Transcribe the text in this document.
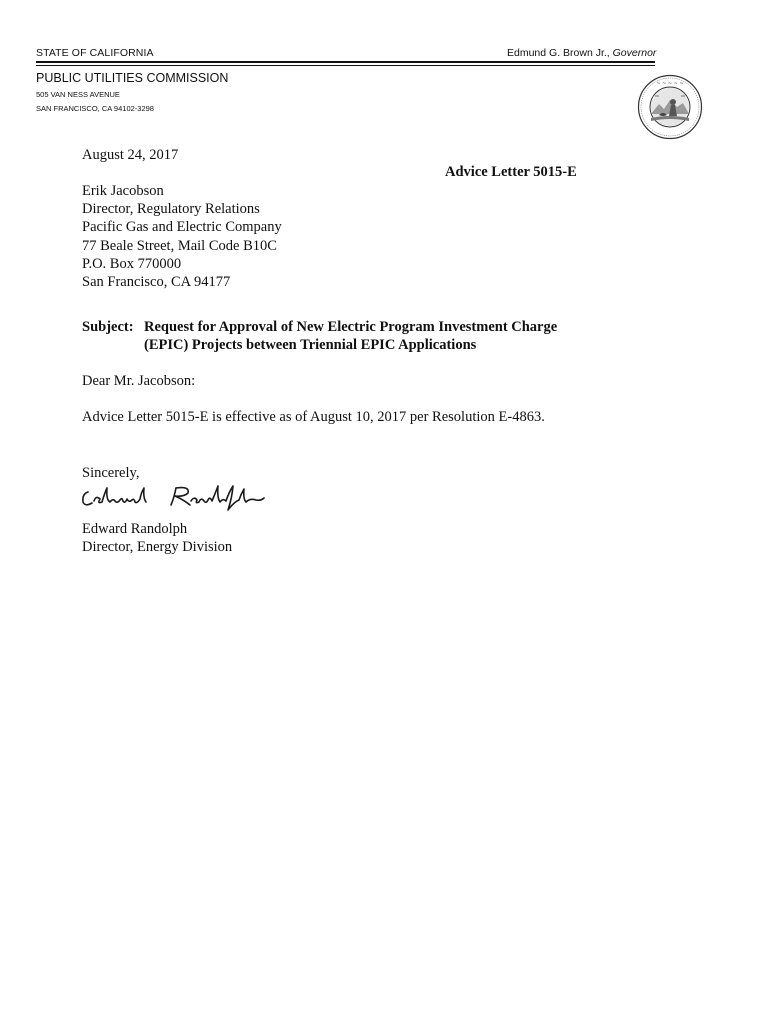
STATE OF CALIFORNIA	Edmund G. Brown Jr., Governor
PUBLIC UTILITIES COMMISSION
505 VAN NESS AVENUE
SAN FRANCISCO, CA 94102-3298
~ ~ ~ ~ ~
August 24, 2017
Advice Letter 5015-E
Erik Jacobson
Director, Regulatory Relations
Pacific Gas and Electric Company
77 Beale Street, Mail Code B10C
P.O. Box 770000
San Francisco, CA 94177
Subject: Request for Approval of New Electric Program Investment Charge
(EPIC) Projects between Triennial EPIC Applications
Dear Mr. Jacobson:
Advice Letter 5015-E is effective as of August 10, 2017 per Resolution E-4863.
Sincerely,
Edward Randolph
Director, Energy Division
